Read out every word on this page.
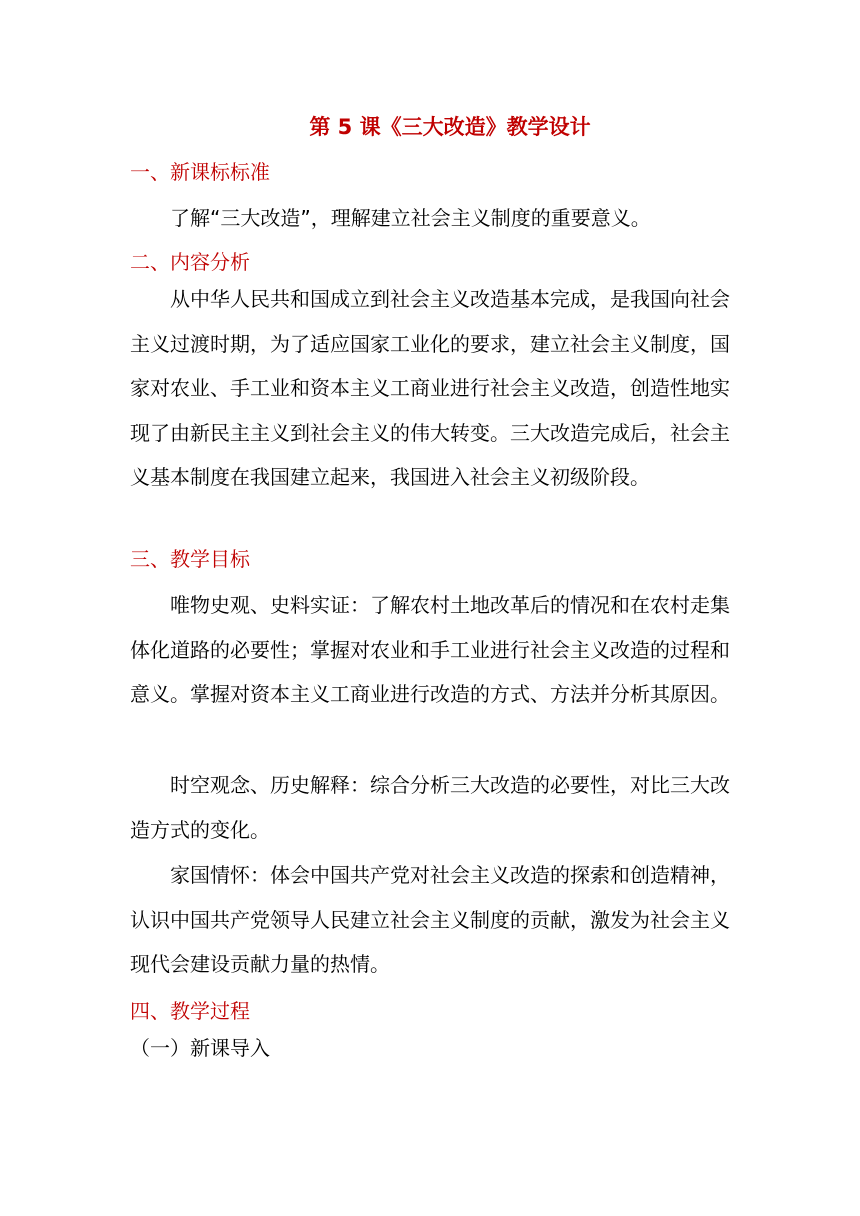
第 5 课《三大改造》教学设计
一、新课标标准

了解“三大改造”，理解建立社会主义制度的重要意义。

二、内容分析

从中华人民共和国成立到社会主义改造基本完成，是我国向社会主义过渡时期，为了适应国家工业化的要求，建立社会主义制度，国家对农业、手工业和资本主义工商业进行社会主义改造，创造性地实现了由新民主主义到社会主义的伟大转变。三大改造完成后，社会主义基本制度在我国建立起来，我国进入社会主义初级阶段。

三、教学目标

唯物史观、史料实证：了解农村土地改革后的情况和在农村走集体化道路的必要性；掌握对农业和手工业进行社会主义改造的过程和意义。掌握对资本主义工商业进行改造的方式、方法并分析其原因。

时空观念、历史解释：综合分析三大改造的必要性，对比三大改造方式的变化。

家国情怀：体会中国共产党对社会主义改造的探索和创造精神，认识中国共产党领导人民建立社会主义制度的贡献，激发为社会主义现代会建设贡献力量的热情。

四、教学过程

（一）新课导入
